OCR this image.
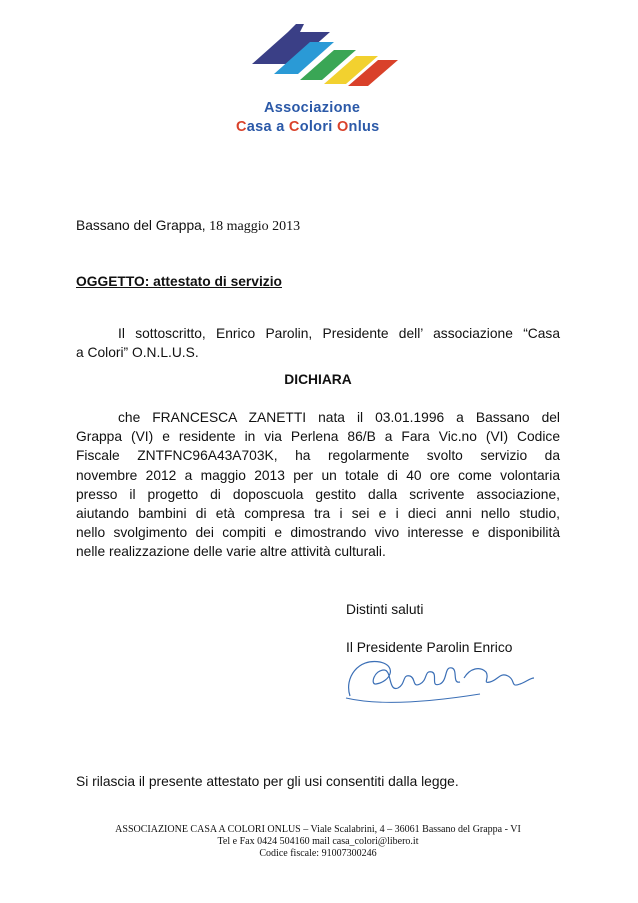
Associazione
Casa a Colori Onlus
Bassano del Grappa, 18 maggio 2013
OGGETTO: attestato di servizio
Il sottoscritto, Enrico Parolin, Presidente dell’ associazione “Casa
a Colori” O.N.L.U.S.
DICHIARA
che FRANCESCA ZANETTI nata il 03.01.1996 a Bassano del
Grappa (VI) e residente in via Perlena 86/B a Fara Vic.no (VI) Codice
Fiscale ZNTFNC96A43A703K, ha regolarmente svolto servizio da
novembre 2012 a maggio 2013 per un totale di 40 ore come volontaria
presso il progetto di doposcuola gestito dalla scrivente associazione,
aiutando bambini di età compresa tra i sei e i dieci anni nello studio,
nello svolgimento dei compiti e dimostrando vivo interesse e disponibilità
nelle realizzazione delle varie altre attività culturali.
Distinti saluti
Il Presidente Parolin Enrico
Si rilascia il presente attestato per gli usi consentiti dalla legge.
ASSOCIAZIONE CASA A COLORI ONLUS – Viale Scalabrini, 4 – 36061 Bassano del Grappa - VI
Tel e Fax 0424 504160 mail casa_colori@libero.it
Codice fiscale: 91007300246
